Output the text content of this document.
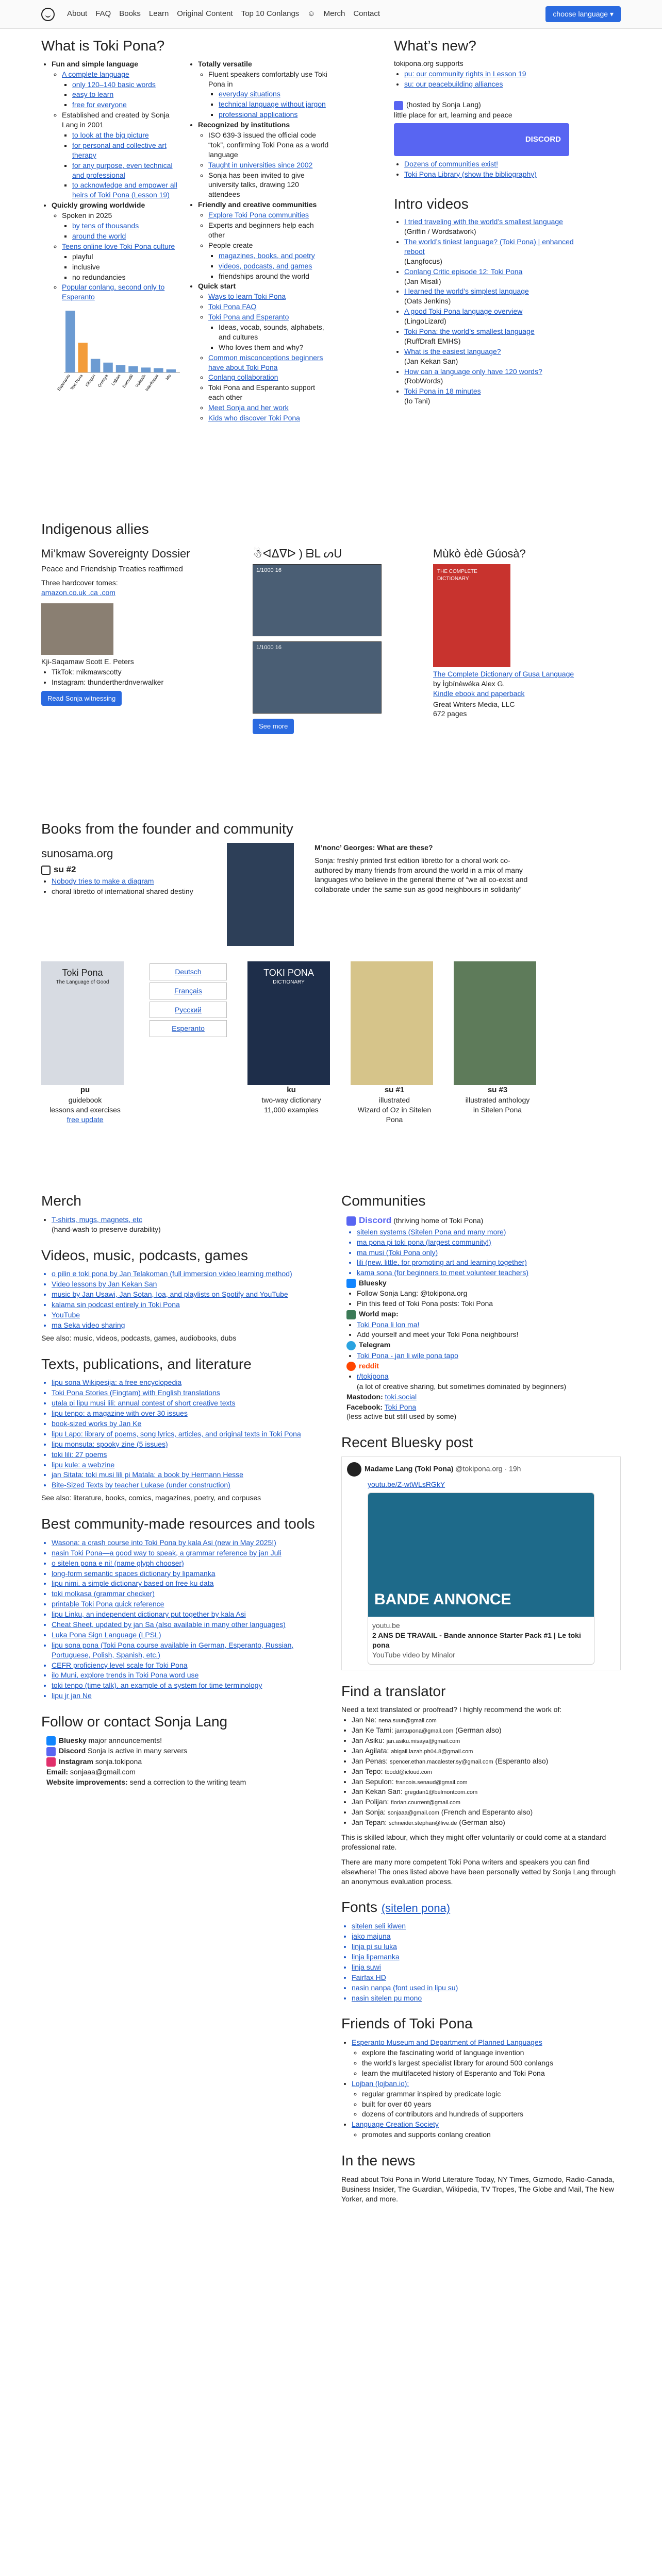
About FAQ Books Learn Original Content Top 10 Conlangs ☺︎ Merch Contact	choose language ▾
What is Toki Pona?
• Fun and simple language
◦ A complete language
▪ only 120–140 basic words
▪ easy to learn
▪ free for everyone
◦ Established and created by Sonja Lang in 2001
▪ to look at the big picture
▪ for personal and collective art therapy
▪ for any purpose, even technical and professional
▪ to acknowledge and empower all heirs of Toki Pona (Lesson 19)
• Quickly growing worldwide
◦ Spoken in 2025
▪ by tens of thousands
▪ around the world
◦ Teens online love Toki Pona culture
▪ playful
▪ inclusive
▪ no redundancies
◦ Popular conlang, second only to Esperanto
Esperanto
Toki Pona Klingon Quenya Lojban Dothraki Volapük
Interlingua Ido
• Totally versatile
◦ Fluent speakers comfortably use Toki Pona in
▪ everyday situations
▪ technical language without jargon
▪ professional applications
• Recognized by institutions
◦ ISO 639-3 issued the official code “tok”, confirming Toki Pona as a world language
◦ Taught in universities since 2002
◦ Sonja has been invited to give university talks, drawing 120 attendees
• Friendly and creative communities
◦ Explore Toki Pona communities
◦ Experts and beginners help each other
◦ People create
▪ magazines, books, and poetry
▪ videos, podcasts, and games
▪ friendships around the world
• Quick start
◦ Ways to learn Toki Pona
◦ Toki Pona FAQ
◦ Toki Pona and Esperanto
▪ Ideas, vocab, sounds, alphabets, and cultures
▪ Who loves them and why?
◦ Common misconceptions beginners have about Toki Pona
◦ Conlang collaboration
◦ Toki Pona and Esperanto support each other
◦ Meet Sonja and her work
◦ Kids who discover Toki Pona
What’s new?
tokipona.org supports
• pu: our community rights in Lesson 19
• su: our peacebuilding alliances
(hosted by Sonja Lang)
little place for art, learning and peace
DISCORD
• Dozens of communities exist!
• Toki Pona Library (show the bibliography)
Intro videos
• I tried traveling with the world’s smallest language
(Griffin / Wordsatwork)
• The world’s tiniest language? (Toki Pona) | enhanced reboot
(Langfocus)
• Conlang Critic episode 12: Toki Pona
(Jan Misali)
• I learned the world’s simplest language
(Oats Jenkins)
• A good Toki Pona language overview
(LingoLizard)
• Toki Pona: the world’s smallest language
(RuffDraft EMHS)
• What is the easiest language?
(Jan Kekan San)
• How can a language only have 120 words?
(RobWords)
• Toki Pona in 18 minutes
(Io Tani)
Indigenous allies
Mi’kmaw Sovereignty Dossier
Peace and Friendship Treaties reaffirmed
Three hardcover tomes:
amazon.co.uk .ca .com
Kji-Saqamaw Scott E. Peters
• TikTok: mikmawscotty
• Instagram: thundertherdnverwalker
Read Sonja witnessing
☃ᐊᐃᐁᐅ ) ᗷᒪ ᔕᑌ
1/1000 16
1/1000 16
See more
Mùkò èdè Gúosà?
THE COMPLETE DICTIONARY
The Complete Dictionary of Gusa Language
by Ìgbínèwéka Alex G.
Kindle ebook and paperback
Great Writers Media, LLC
672 pages
Books from the founder and community
sunosama.org
su #2
• Nobody tries to make a diagram
• choral libretto of international shared destiny
M’nonc’ Georges: What are these?
Sonja: freshly printed first edition libretto for a choral work co-authored by many friends from around the world in a mix of many languages who believe in the general theme of “we all co-exist and collaborate under the same sun as good neighbours in solidarity”
Toki Pona
The Language of Good
pu
guidebook
lessons and exercises
free update
Deutsch
Français
Русский
Esperanto
TOKI PONA
DICTIONARY
ku
two-way dictionary
11,000 examples
su #1
illustrated
Wizard of Oz in Sitelen Pona
su #3
illustrated anthology
in Sitelen Pona
Merch
• T-shirts, mugs, magnets, etc
(hand-wash to preserve durability)
Videos, music, podcasts, games
• o pilin e toki pona by Jan Telakoman (full immersion video learning method)
• Video lessons by Jan Kekan San
• music by Jan Usawi, Jan Sotan, Ioa, and playlists on Spotify and YouTube
• kalama sin podcast entirely in Toki Pona
• YouTube
• ma Seka video sharing
See also: music, videos, podcasts, games, audiobooks, dubs
Texts, publications, and literature
• lipu sona Wikipesija: a free encyclopedia
• Toki Pona Stories (Fingtam) with English translations
• utala pi lipu musi lili: annual contest of short creative texts
• lipu tenpo: a magazine with over 30 issues
• book-sized works by Jan Ke
• lipu Lapo: library of poems, song lyrics, articles, and original texts in Toki Pona
• lipu monsuta: spooky zine (5 issues)
• toki lili: 27 poems
• lipu kule: a webzine
• jan Sitata: toki musi lili pi Matala: a book by Hermann Hesse
• Bite-Sized Texts by teacher Lukase (under construction)
See also: literature, books, comics, magazines, poetry, and corpuses
Best community-made resources and tools
• Wasona: a crash course into Toki Pona by kala Asi (new in May 2025!)
• nasin Toki Pona—a good way to speak, a grammar reference by jan Juli
• o sitelen pona e ni! (name glyph chooser)
• long-form semantic spaces dictionary by lipamanka
• lipu nimi, a simple dictionary based on free ku data
• toki molkasa (grammar checker)
• printable Toki Pona quick reference
• lipu Linku, an independent dictionary put together by kala Asi
• Cheat Sheet, updated by jan Sa (also available in many other languages)
• Luka Pona Sign Language (LPSL)
• lipu sona pona (Toki Pona course available in German, Esperanto, Russian, Portuguese, Polish, Spanish, etc.)
• CEFR proficiency level scale for Toki Pona
• ilo Muni, explore trends in Toki Pona word use
• toki tenpo (time talk), an example of a system for time terminology
• lipu jr jan Ne
Follow or contact Sonja Lang
Bluesky major announcements!
Discord Sonja is active in many servers
Instagram sonja.tokipona
Email: sonjaaa@gmail.com
Website improvements: send a correction to the writing team
Communities
Discord (thriving home of Toki Pona)
• sitelen systems (Sitelen Pona and many more)
• ma pona pi toki pona (largest community!)
• ma musi (Toki Pona only)
• lili (new, little, for promoting art and learning together)
• kama sona (for beginners to meet volunteer teachers)
Bluesky
• Follow Sonja Lang: @tokipona.org
• Pin this feed of Toki Pona posts: Toki Pona
World map:
• Toki Pona li lon ma!
• Add yourself and meet your Toki Pona neighbours!
Telegram
• Toki Pona - jan li wile pona tapo
reddit
• r/tokipona
(a lot of creative sharing, but sometimes dominated by beginners)
Mastodon: toki.social
Facebook: Toki Pona
(less active but still used by some)
Recent Bluesky post
Madame Lang (Toki Pona) @tokipona.org · 19h
youtu.be/Z-wtWLsRGkY
BANDE ANNONCE
youtu.be
2 ANS DE TRAVAIL - Bande annonce Starter Pack #1 | Le toki pona
YouTube video by Minalor
Find a translator
Need a text translated or proofread? I highly recommend the work of:
• Jan Ne: nena.suun@gmail.com
• Jan Ke Tami: jamtupona@gmail.com (German also)
• Jan Asiku: jan.asiku.misaya@gmail.com
• Jan Agilata: abigail.lazah.ph04.8@gmail.com
• Jan Penas: spencer.ethan.macalester.sy@gmail.com (Esperanto also)
• Jan Tepo: tbodd@icloud.com
• Jan Sepulon: francois.senaud@gmail.com
• Jan Kekan San: gregdan1@belmontcom.com
• Jan Polijan: florian.courrent@gmail.com
• Jan Sonja: sonjaaa@gmail.com (French and Esperanto also)
• Jan Tepan: schneider.stephan@live.de (German also)

This is skilled labour, which they might offer voluntarily or could come at a standard professional rate.

There are many more competent Toki Pona writers and speakers you can find elsewhere! The ones listed above have been personally vetted by Sonja Lang through an anonymous evaluation process.

Fonts (sitelen pona)
• sitelen seli kiwen
• jako majuna
• linja pi su luka
• linja lipamanka
• linja suwi
• Fairfax HD
• nasin nanpa (font used in lipu su)
• nasin sitelen pu mono
Friends of Toki Pona
• Esperanto Museum and Department of Planned Languages
◦ explore the fascinating world of language invention
◦ the world’s largest specialist library for around 500 conlangs
◦ learn the multifaceted history of Esperanto and Toki Pona
• Lojban (lojban.io):
◦ regular grammar inspired by predicate logic
◦ built for over 60 years
◦ dozens of contributors and hundreds of supporters
• Language Creation Society
◦ promotes and supports conlang creation
In the news
Read about Toki Pona in World Literature Today, NY Times, Gizmodo, Radio-Canada, Business Insider, The Guardian, Wikipedia, TV Tropes, The Globe and Mail, The New Yorker, and more.
